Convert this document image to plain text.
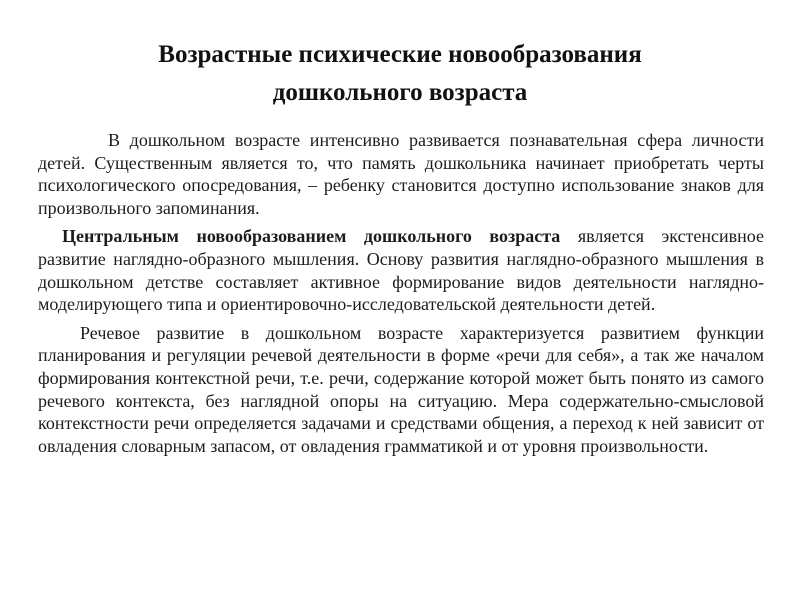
Возрастные психические новообразования
дошкольного возраста

В дошкольном возрасте интенсивно развивается познавательная сфера личности детей. Существенным является то, что память дошкольника начинает приобретать черты психологического опосредования, – ребенку становится доступно использование знаков для произвольного запоминания.

Центральным новообразованием дошкольного возраста является экстенсивное развитие наглядно-образного мышления. Основу развития наглядно-образного мышления в дошкольном детстве составляет активное формирование видов деятельности наглядно-моделирующего типа и ориентировочно-исследовательской деятельности детей.

Речевое развитие в дошкольном возрасте характеризуется развитием функции планирования и регуляции речевой деятельности в форме «речи для себя», а так же началом формирования контекстной речи, т.е. речи, содержание которой может быть понято из самого речевого контекста, без наглядной опоры на ситуацию. Мера содержательно-смысловой контекстности речи определяется задачами и средствами общения, а переход к ней зависит от овладения словарным запасом, от овладения грамматикой и от уровня произвольности.
